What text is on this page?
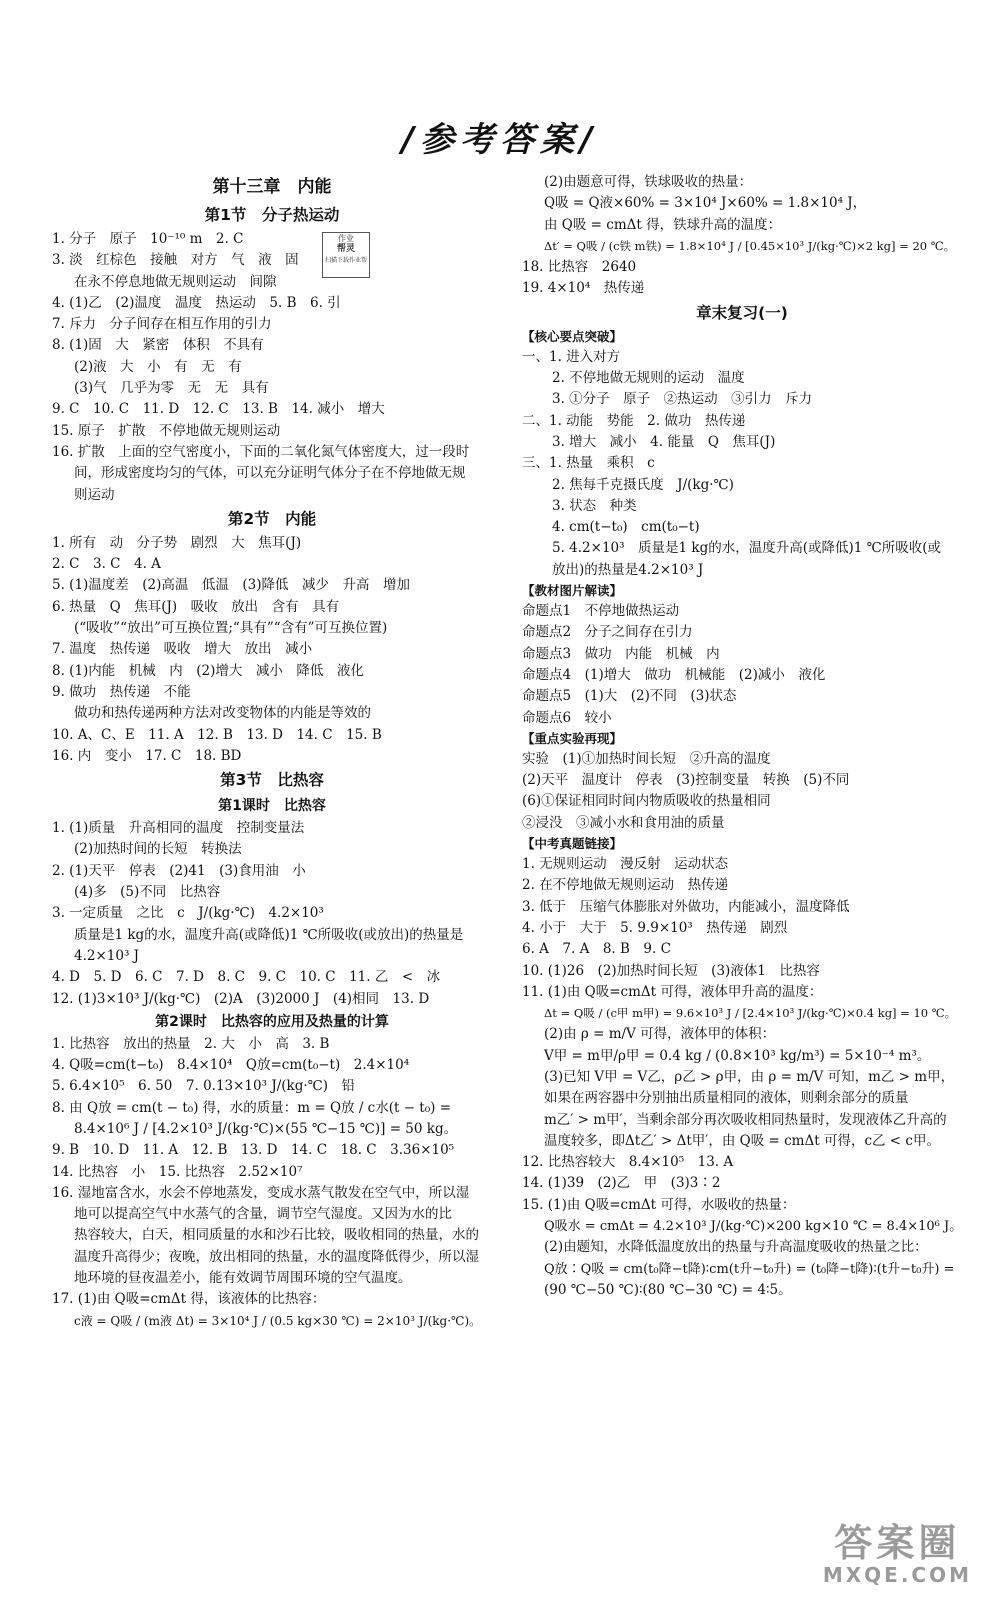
/参考答案/
第十三章　内能
第1节　分子热运动
1. 分子　原子　10⁻¹⁰ m　2. C
3. 淡　红棕色　接触　对方　气　液　固
在永不停息地做无规则运动　间隙
4. (1)乙　(2)温度　温度　热运动　5. B　6. 引
7. 斥力　分子间存在相互作用的引力
8. (1)固　大　紧密　体积　不具有
(2)液　大　小　有　无　有
(3)气　几乎为零　无　无　具有
9. C　10. C　11. D　12. C　13. B　14. 减小　增大
15. 原子　扩散　不停地做无规则运动
16. 扩散　上面的空气密度小，下面的二氧化氮气体密度大，过一段时
间，形成密度均匀的气体，可以充分证明气体分子在不停地做无规
则运动
第2节　内能
1. 所有　动　分子势　剧烈　大　焦耳(J)
2. C　3. C　4. A
5. (1)温度差　(2)高温　低温　(3)降低　减少　升高　增加
6. 热量　Q　焦耳(J)　吸收　放出　含有　具有
(“吸收”“放出”可互换位置;“具有”“含有”可互换位置)
7. 温度　热传递　吸收　增大　放出　减小
8. (1)内能　机械　内　(2)增大　减小　降低　液化
9. 做功　热传递　不能
做功和热传递两种方法对改变物体的内能是等效的
10. A、C、E　11. A　12. B　13. D　14. C　15. B
16. 内　变小　17. C　18. BD
第3节　比热容
第1课时　比热容
1. (1)质量　升高相同的温度　控制变量法
(2)加热时间的长短　转换法
2. (1)天平　停表　(2)41　(3)食用油　小
(4)多　(5)不同　比热容
3. 一定质量　之比　c　J/(kg·℃)　4.2×10³
质量是1 kg的水，温度升高(或降低)1 ℃所吸收(或放出)的热量是
4.2×10³ J
4. D　5. D　6. C　7. D　8. C　9. C　10. C　11. 乙　<　冰
12. (1)3×10³ J/(kg·℃)　(2)A　(3)2000 J　(4)相同　13. D
第2课时　比热容的应用及热量的计算
1. 比热容　放出的热量　2. 大　小　高　3. B
4. Q吸=cm(t−t₀)　8.4×10⁴　Q放=cm(t₀−t)　2.4×10⁴
5. 6.4×10⁵　6. 50　7. 0.13×10³ J/(kg·℃)　铅
8. 由 Q放 = cm(t − t₀) 得，水的质量：m = Q放 / c水(t − t₀) =
8.4×10⁶ J / [4.2×10³ J/(kg·℃)×(55 ℃−15 ℃)] = 50 kg。
9. B　10. D　11. A　12. B　13. D　14. C　18. C　3.36×10⁵
14. 比热容　小　15. 比热容　2.52×10⁷
16. 湿地富含水，水会不停地蒸发，变成水蒸气散发在空气中，所以湿
地可以提高空气中水蒸气的含量，调节空气湿度。又因为水的比
热容较大，白天，相同质量的水和沙石比较，吸收相同的热量，水的
温度升高得少；夜晚，放出相同的热量，水的温度降低得少，所以湿
地环境的昼夜温差小，能有效调节周围环境的空气温度。
17. (1)由 Q吸=cmΔt 得，该液体的比热容：
c液 = Q吸 / (m液 Δt) = 3×10⁴ J / (0.5 kg×30 ℃) = 2×10³ J/(kg·℃)。
(2)由题意可得，铁球吸收的热量：
Q吸 = Q液×60% = 3×10⁴ J×60% = 1.8×10⁴ J，
由 Q吸 = cmΔt 得，铁球升高的温度：
Δt′ = Q吸 / (c铁 m铁) = 1.8×10⁴ J / [0.45×10³ J/(kg·℃)×2 kg] = 20 ℃。
18. 比热容　2640
19. 4×10⁴　热传递
章末复习(一)
【核心要点突破】
一、1. 进入对方
2. 不停地做无规则的运动　温度
3. ①分子　原子　②热运动　③引力　斥力
二、1. 动能　势能　2. 做功　热传递
3. 增大　减小　4. 能量　Q　焦耳(J)
三、1. 热量　乘积　c
2. 焦每千克摄氏度　J/(kg·℃)
3. 状态　种类
4. cm(t−t₀)　cm(t₀−t)
5. 4.2×10³　质量是1 kg的水，温度升高(或降低)1 ℃所吸收(或
放出)的热量是4.2×10³ J
【教材图片解读】
命题点1　不停地做热运动
命题点2　分子之间存在引力
命题点3　做功　内能　机械　内
命题点4　(1)增大　做功　机械能　(2)减小　液化
命题点5　(1)大　(2)不同　(3)状态
命题点6　较小
【重点实验再现】
实验　(1)①加热时间长短　②升高的温度
(2)天平　温度计　停表　(3)控制变量　转换　(5)不同
(6)①保证相同时间内物质吸收的热量相同
②浸没　③减小水和食用油的质量
【中考真题链接】
1. 无规则运动　漫反射　运动状态
2. 在不停地做无规则运动　热传递
3. 低于　压缩气体膨胀对外做功，内能减小，温度降低
4. 小于　大于　5. 9.9×10³　热传递　剧烈
6. A　7. A　8. B　9. C
10. (1)26　(2)加热时间长短　(3)液体1　比热容
11. (1)由 Q吸=cmΔt 可得，液体甲升高的温度：
Δt = Q吸 / (c甲 m甲) = 9.6×10³ J / [2.4×10³ J/(kg·℃)×0.4 kg] = 10 ℃。
(2)由 ρ = m/V 可得，液体甲的体积：
V甲 = m甲/ρ甲 = 0.4 kg / (0.8×10³ kg/m³) = 5×10⁻⁴ m³。
(3)已知 V甲 = V乙，ρ乙 > ρ甲，由 ρ = m/V 可知，m乙 > m甲，
如果在两容器中分别抽出质量相同的液体，则剩余部分的质量
m乙′ > m甲′，当剩余部分再次吸收相同热量时，发现液体乙升高的
温度较多，即Δt乙′ > Δt甲′，由 Q吸 = cmΔt 可得，c乙 < c甲。
12. 比热容较大　8.4×10⁵　13. A
14. (1)39　(2)乙　甲　(3)3∶2
15. (1)由 Q吸=cmΔt 可得，水吸收的热量：
Q吸水 = cmΔt = 4.2×10³ J/(kg·℃)×200 kg×10 ℃ = 8.4×10⁶ J。
(2)由题知，水降低温度放出的热量与升高温度吸收的热量之比：
Q放∶Q吸 = cm(t₀降−t降)∶cm(t升−t₀升) = (t₀降−t降)∶(t升−t₀升) =
(90 ℃−50 ℃)∶(80 ℃−30 ℃) = 4∶5。
作业
帮灵
扫描下载作业帮
答案圈
MXQE.COM
